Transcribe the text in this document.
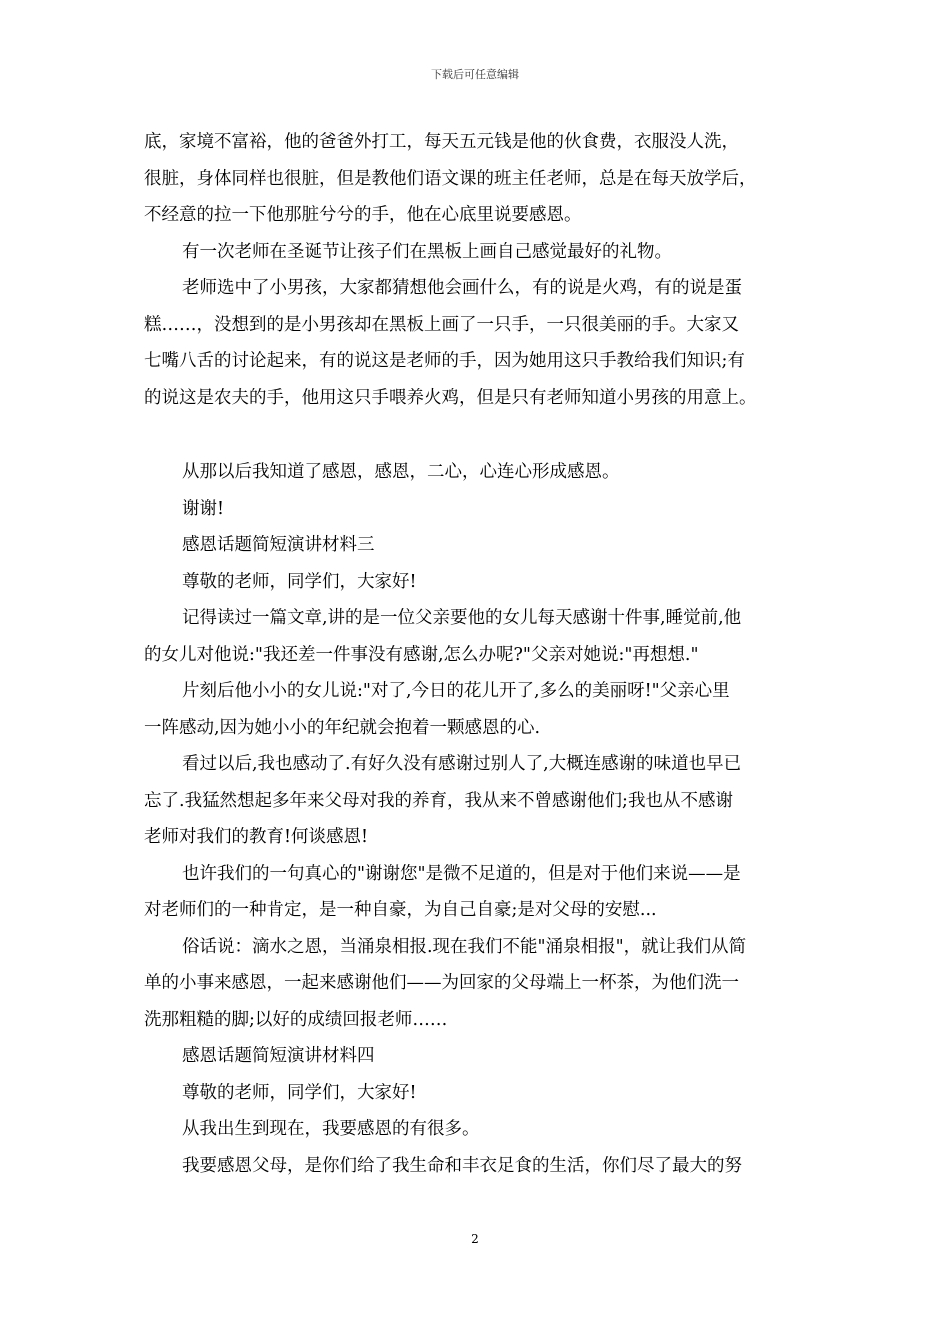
下载后可任意编辑
底，家境不富裕，他的爸爸外打工，每天五元钱是他的伙食费，衣服没人洗，
很脏，身体同样也很脏，但是教他们语文课的班主任老师，总是在每天放学后，
不经意的拉一下他那脏兮兮的手，他在心底里说要感恩。
有一次老师在圣诞节让孩子们在黑板上画自己感觉最好的礼物。
老师选中了小男孩，大家都猜想他会画什么，有的说是火鸡，有的说是蛋
糕……，没想到的是小男孩却在黑板上画了一只手，一只很美丽的手。大家又
七嘴八舌的讨论起来，有的说这是老师的手，因为她用这只手教给我们知识;有
的说这是农夫的手，他用这只手喂养火鸡，但是只有老师知道小男孩的用意上。
从那以后我知道了感恩，感恩，二心，心连心形成感恩。
谢谢!
感恩话题简短演讲材料三
尊敬的老师，同学们，大家好!
记得读过一篇文章,讲的是一位父亲要他的女儿每天感谢十件事,睡觉前,他
的女儿对他说:"我还差一件事没有感谢,怎么办呢?"父亲对她说:"再想想."
片刻后他小小的女儿说:"对了,今日的花儿开了,多么的美丽呀!"父亲心里
一阵感动,因为她小小的年纪就会抱着一颗感恩的心.
看过以后,我也感动了.有好久没有感谢过别人了,大概连感谢的味道也早已
忘了.我猛然想起多年来父母对我的养育，我从来不曾感谢他们;我也从不感谢
老师对我们的教育!何谈感恩!
也许我们的一句真心的"谢谢您"是微不足道的，但是对于他们来说——是
对老师们的一种肯定，是一种自豪，为自己自豪;是对父母的安慰...
俗话说：滴水之恩，当涌泉相报.现在我们不能"涌泉相报"，就让我们从简
单的小事来感恩，一起来感谢他们——为回家的父母端上一杯茶，为他们洗一
洗那粗糙的脚;以好的成绩回报老师……
感恩话题简短演讲材料四
尊敬的老师，同学们，大家好!
从我出生到现在，我要感恩的有很多。
我要感恩父母，是你们给了我生命和丰衣足食的生活，你们尽了最大的努
2
